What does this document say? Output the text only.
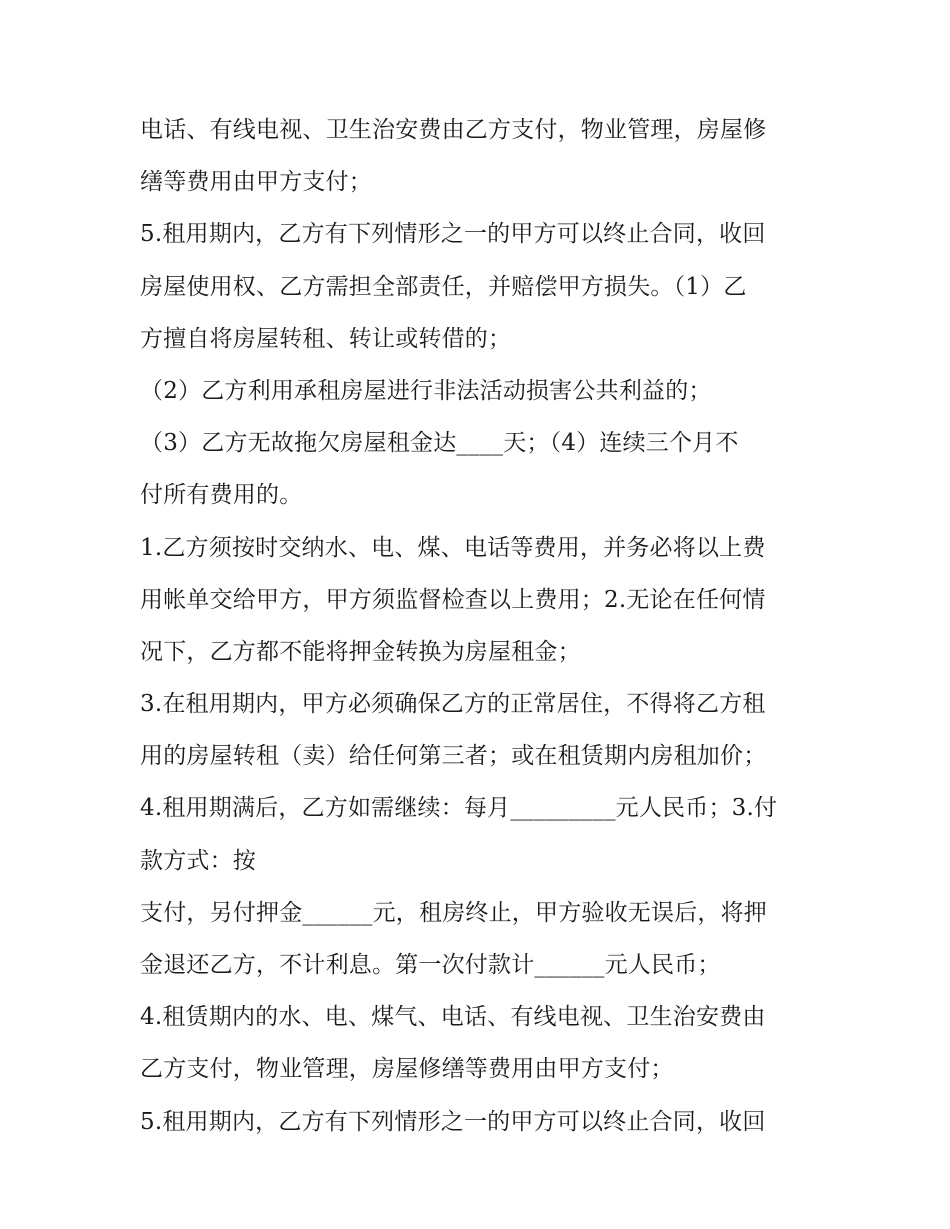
电话、有线电视、卫生治安费由乙方支付，物业管理，房屋修
缮等费用由甲方支付；
5.租用期内，乙方有下列情形之一的甲方可以终止合同，收回
房屋使用权、乙方需担全部责任，并赔偿甲方损失。（1）乙
方擅自将房屋转租、转让或转借的；
（2）乙方利用承租房屋进行非法活动损害公共利益的；
（3）乙方无故拖欠房屋租金达____天；（4）连续三个月不
付所有费用的。
1.乙方须按时交纳水、电、煤、电话等费用，并务必将以上费
用帐单交给甲方，甲方须监督检查以上费用；2.无论在任何情
况下，乙方都不能将押金转换为房屋租金；
3.在租用期内，甲方必须确保乙方的正常居住，不得将乙方租
用的房屋转租（卖）给任何第三者；或在租赁期内房租加价；
4.租用期满后，乙方如需继续：每月_________元人民币；3.付
款方式：按
支付，另付押金______元，租房终止，甲方验收无误后，将押
金退还乙方，不计利息。第一次付款计______元人民币；
4.租赁期内的水、电、煤气、电话、有线电视、卫生治安费由
乙方支付，物业管理，房屋修缮等费用由甲方支付；
5.租用期内，乙方有下列情形之一的甲方可以终止合同，收回
